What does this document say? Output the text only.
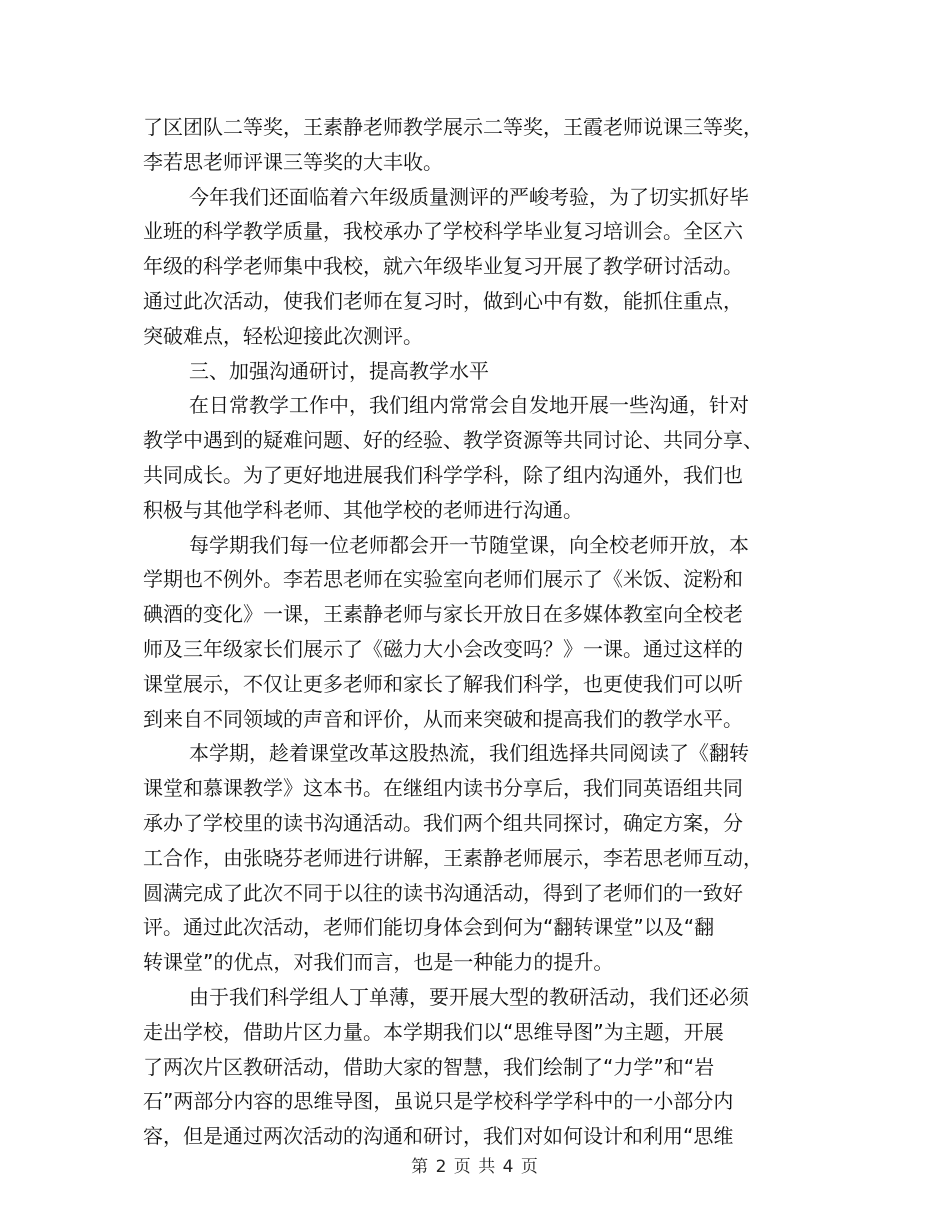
了区团队二等奖，王素静老师教学展示二等奖，王霞老师说课三等奖，
李若思老师评课三等奖的大丰收。
今年我们还面临着六年级质量测评的严峻考验，为了切实抓好毕
业班的科学教学质量，我校承办了学校科学毕业复习培训会。全区六
年级的科学老师集中我校，就六年级毕业复习开展了教学研讨活动。
通过此次活动，使我们老师在复习时，做到心中有数，能抓住重点，
突破难点，轻松迎接此次测评。
三、加强沟通研讨，提高教学水平
在日常教学工作中，我们组内常常会自发地开展一些沟通，针对
教学中遇到的疑难问题、好的经验、教学资源等共同讨论、共同分享、
共同成长。为了更好地进展我们科学学科，除了组内沟通外，我们也
积极与其他学科老师、其他学校的老师进行沟通。
每学期我们每一位老师都会开一节随堂课，向全校老师开放，本
学期也不例外。李若思老师在实验室向老师们展示了《米饭、淀粉和
碘酒的变化》一课，王素静老师与家长开放日在多媒体教室向全校老
师及三年级家长们展示了《磁力大小会改变吗？》一课。通过这样的
课堂展示，不仅让更多老师和家长了解我们科学，也更使我们可以听
到来自不同领域的声音和评价，从而来突破和提高我们的教学水平。
本学期，趁着课堂改革这股热流，我们组选择共同阅读了《翻转
课堂和慕课教学》这本书。在继组内读书分享后，我们同英语组共同
承办了学校里的读书沟通活动。我们两个组共同探讨，确定方案，分
工合作，由张晓芬老师进行讲解，王素静老师展示，李若思老师互动，
圆满完成了此次不同于以往的读书沟通活动，得到了老师们的一致好
评。通过此次活动，老师们能切身体会到何为“翻转课堂”以及“翻
转课堂”的优点，对我们而言，也是一种能力的提升。
由于我们科学组人丁单薄，要开展大型的教研活动，我们还必须
走出学校，借助片区力量。本学期我们以“思维导图”为主题，开展
了两次片区教研活动，借助大家的智慧，我们绘制了“力学”和“岩
石”两部分内容的思维导图，虽说只是学校科学学科中的一小部分内
容，但是通过两次活动的沟通和研讨，我们对如何设计和利用“思维
第 2 页 共 4 页
